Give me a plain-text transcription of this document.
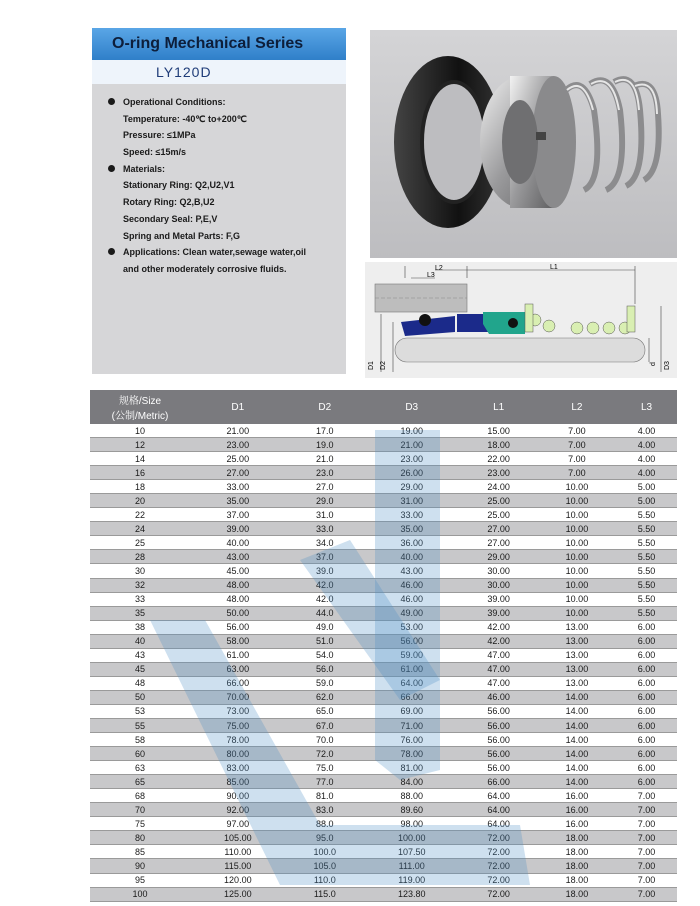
O-ring Mechanical Series
LY120D
Operational Conditions:
Temperature: -40℃ to+200℃
Pressure: ≤1MPa
Speed: ≤15m/s
Materials:
Stationary Ring: Q2,U2,V1
Rotary Ring: Q2,B,U2
Secondary Seal: P,E,V
Spring and Metal Parts: F,G
Applications: Clean water,sewage water,oil
and other moderately corrosive fluids.	L2	L1
L3
D1 D2	D3
d
规格/Size
(公制/Metric)	D1	D2	D3	L1	L2	L3
10	21.00	17.0	19.00	15.00	7.00	4.00
12	23.00	19.0	21.00	18.00	7.00	4.00
14	25.00	21.0	23.00	22.00	7.00	4.00
16	27.00	23.0	26.00	23.00	7.00	4.00
18	33.00	27.0	29.00	24.00	10.00	5.00
20	35.00	29.0	31.00	25.00	10.00	5.00
22	37.00	31.0	33.00	25.00	10.00	5.50
24	39.00	33.0	35.00	27.00	10.00	5.50
25	40.00	34.0	36.00	27.00	10.00	5.50
28	43.00	37.0	40.00	29.00	10.00	5.50
30	45.00	39.0	43.00	30.00	10.00	5.50
32	48.00	42.0	46.00	30.00	10.00	5.50
33	48.00	42.0	46.00	39.00	10.00	5.50
35	50.00	44.0	49.00	39.00	10.00	5.50
38	56.00	49.0	53.00	42.00	13.00	6.00
40	58.00	51.0	56.00	42.00	13.00	6.00
43	61.00	54.0	59.00	47.00	13.00	6.00
45	63.00	56.0	61.00	47.00	13.00	6.00
48	66.00	59.0	64.00	47.00	13.00	6.00
50	70.00	62.0	66.00	46.00	14.00	6.00
53	73.00	65.0	69.00	56.00	14.00	6.00
55	75.00	67.0	71.00	56.00	14.00	6.00
58	78.00	70.0	76.00	56.00	14.00	6.00
60	80.00	72.0	78.00	56.00	14.00	6.00
63	83.00	75.0	81.00	56.00	14.00	6.00
65	85.00	77.0	84.00	66.00	14.00	6.00
68	90.00	81.0	88.00	64.00	16.00	7.00
70	92.00	83.0	89.60	64.00	16.00	7.00
75	97.00	88.0	98.00	64.00	16.00	7.00
80	105.00	95.0	100.00	72.00	18.00	7.00
85	110.00	100.0	107.50	72.00	18.00	7.00
90	115.00	105.0	111.00	72.00	18.00	7.00
95	120.00	110.0	119.00	72.00	18.00	7.00
100	125.00	115.0	123.80	72.00	18.00	7.00
